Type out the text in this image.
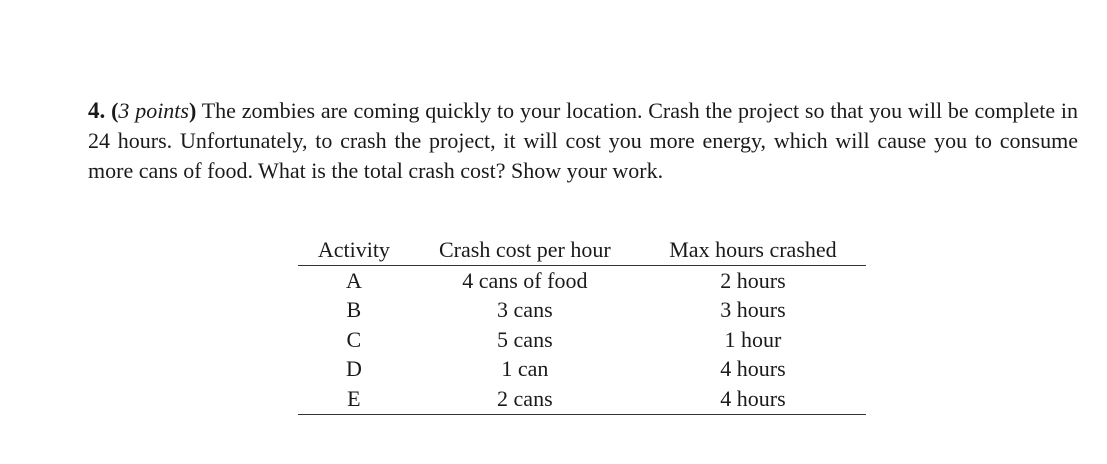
4. (3 points) The zombies are coming quickly to your location. Crash the project so that you will be complete in 24 hours. Unfortunately, to crash the project, it will cost you more energy, which will cause you to consume more cans of food. What is the total crash cost? Show your work.
Activity	Crash cost per hour	Max hours crashed
A	4 cans of food	2 hours
B	3 cans	3 hours
C	5 cans	1 hour
D	1 can	4 hours
E	2 cans	4 hours
